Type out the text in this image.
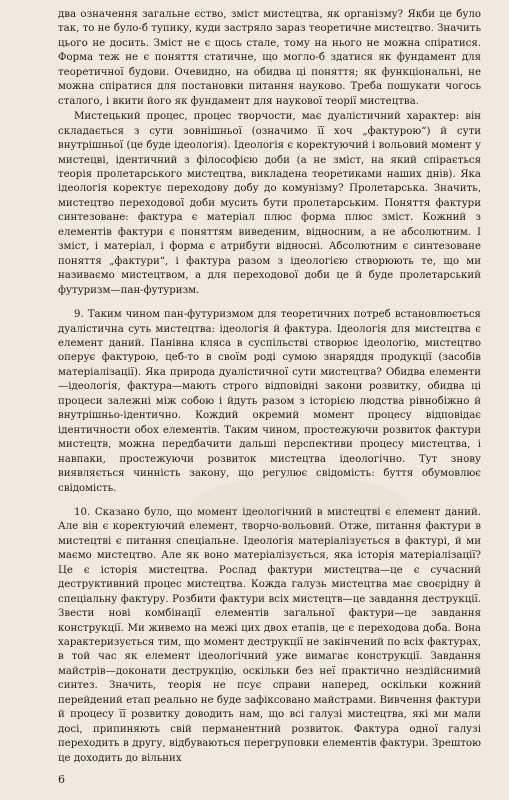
два означення загальне єство, зміст мистецтва, як організму? Якби це було так, то не було-б тупику, куди застряло зараз теоретичне мистецтво. Значить цього не досить. Зміст не є щось стале, тому на нього не можна спіратися. Форма теж не є поняття статичне, що могло-б здатися як фундамент для теоретичної будови. Очевидно, на обидва ці поняття; як функціональні, не можна спіратися для постановки питання науково. Треба пошукати чогось сталого, і вкити його як фундамент для наукової теорії мистецтва.

Мистецький процес, процес творчости, має дуалістичний характер: він складається з сути зовнішньої (означимо її хоч „фактурою“) й сути внутрішньої (це буде ідеологія). Ідеологія є коректуючий і вольовий момент у мистецві, ідентичний з філософією доби (а не зміст, на який спірається теорія пролетарського мистецтва, викладена теоретиками наших днів). Яка ідеологія коректує переходову добу до комунізму? Пролетарська. Значить, мистецтво переходової доби мусить бути пролетарським. Поняття фактури синтезоване: фактура є матеріал плюс форма плюс зміст. Кожний з елементів фактури є поняттям виведеним, відносним, а не абсолютним. І зміст, і матеріал, і форма є атрибути відносні. Абсолютним є синтезоване поняття „фактури“, і фактура разом з ідеологією створюють те, що ми називаємо мистецтвом, а для переходової доби це й буде пролетарський футуризм—пан-футуризм.

9. Таким чином пан-футуризмом для теоретичних потреб встановлюється дуалістична суть мистецтва: ідеологія й фактура. Ідеологія для мистецтва є елемент даний. Панівна кляса в суспільстві створює ідеологію, мистецтво оперує фактурою, цеб-то в своїм роді сумою знаряддя продукції (засобів матеріалізації). Яка природа дуалістичної сути мистецтва? Обидва елементи—ідеологія, фактура—мають строго відповідні закони розвитку, обидва ці процеси залежні між собою і йдуть разом з історією людства рівнобіжно й внутрішньо-ідентично. Кождий окремий момент процесу відповідає ідентичности обох елементів. Таким чином, простежуючи розвиток фактури мистецтв, можна передбачити дальші перспективи процесу мистецтва, і навпаки, простежуючи розвиток мистецтва ідеологічно. Тут знову виявляється чинність закону, що регулює свідомість: буття обумовлює свідомість.

10. Сказано було, що момент ідеологічний в мистецтві є елемент даний. Але він є коректуючий елемент, творчо-вольовий. Отже, питання фактури в мистецтві є питання спеціальне. Ідеологія матеріалізується в фактурі, й ми маємо мистецтво. Але як воно матеріалізується, яка історія матеріалізації? Це є історія мистецтва. Рослад фактури мистецтва—це є сучасний деструктивний процес мистецтва. Кожда галузь мистецтва має своєрідну й спеціальну фактуру. Розбити фактури всіх мистецтв—це завдання деструкції. Звести нові комбінації елементів загальної фактури—це завдання конструкції. Ми живемо на межі цих двох етапів, це є переходова доба. Вона характеризується тим, що момент деструкції не закінчений по всіх фактурах, в той час як елемент ідеологічний уже вимагає конструкції. Завдання майстрів—доконати деструкцію, оскільки без неї практично нездійснимий синтез. Значить, теорія не псує справи наперед, оскільки кожний перейдений етап реально не буде зафіксовано майстрами. Вивчення фактури й процесу її розвитку доводить нам, що всі галузі мистецтва, які ми мали досі, припиняють свій перманентний розвиток. Фактура одної галузі переходить в другу, відбуваються перегруповки елементів фактури. Зрештою це доходить до вільних

6
